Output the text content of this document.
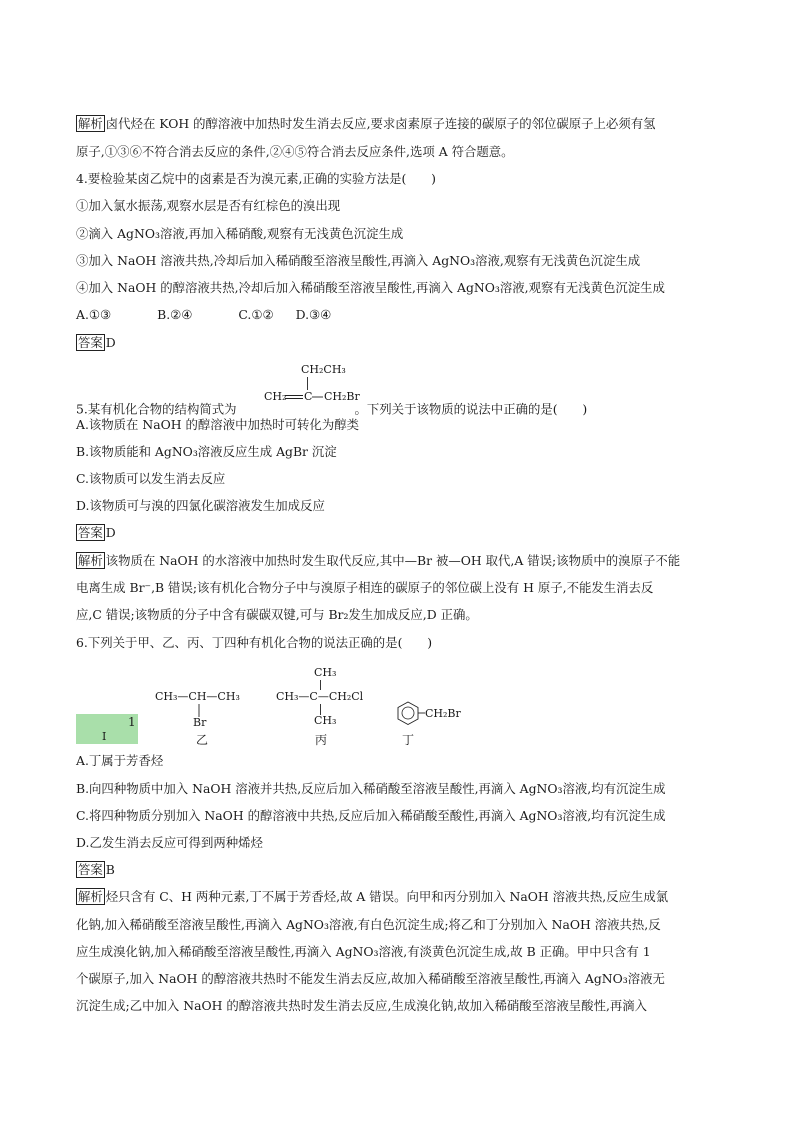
解析 卤代烃在 KOH 的醇溶液中加热时发生消去反应,要求卤素原子连接的碳原子的邻位碳原子上必须有氢
原子,①③⑥不符合消去反应的条件,②④⑤符合消去反应条件,选项 A 符合题意。
4.要检验某卤乙烷中的卤素是否为溴元素,正确的实验方法是(　　)
①加入氯水振荡,观察水层是否有红棕色的溴出现
②滴入 AgNO₃溶液,再加入稀硝酸,观察有无浅黄色沉淀生成
③加入 NaOH 溶液共热,冷却后加入稀硝酸至溶液呈酸性,再滴入 AgNO₃溶液,观察有无浅黄色沉淀生成
④加入 NaOH 的醇溶液共热,冷却后加入稀硝酸至溶液呈酸性,再滴入 AgNO₃溶液,观察有无浅黄色沉淀生成
A.①③	B.②④	C.①② D.③④
答案 D
5.某有机化合物的结构简式为	。下列关于该物质的说法中正确的是(　　)
CH₂CH₃
CH₂ C CH₂Br
A.该物质在 NaOH 的醇溶液中加热时可转化为醇类
B.该物质能和 AgNO₃溶液反应生成 AgBr 沉淀
C.该物质可以发生消去反应
D.该物质可与溴的四氯化碳溶液发生加成反应
答案 D
解析 该物质在 NaOH 的水溶液中加热时发生取代反应,其中—Br 被—OH 取代,A 错误;该物质中的溴原子不能
电离生成 Br⁻,B 错误;该有机化合物分子中与溴原子相连的碳原子的邻位碳上没有 H 原子,不能发生消去反
应,C 错误;该物质的分子中含有碳碳双键,可与 Br₂发生加成反应,D 正确。
6.下列关于甲、乙、丙、丁四种有机化合物的说法正确的是(　　)
1
I
CH₃—CH—CH₃
Br
乙
CH₃
CH₃—C—CH₂Cl
CH₃
丙
CH₂Br
丁
A.丁属于芳香烃
B.向四种物质中加入 NaOH 溶液并共热,反应后加入稀硝酸至溶液呈酸性,再滴入 AgNO₃溶液,均有沉淀生成
C.将四种物质分别加入 NaOH 的醇溶液中共热,反应后加入稀硝酸至酸性,再滴入 AgNO₃溶液,均有沉淀生成
D.乙发生消去反应可得到两种烯烃
答案 B
解析 烃只含有 C、H 两种元素,丁不属于芳香烃,故 A 错误。向甲和丙分别加入 NaOH 溶液共热,反应生成氯
化钠,加入稀硝酸至溶液呈酸性,再滴入 AgNO₃溶液,有白色沉淀生成;将乙和丁分别加入 NaOH 溶液共热,反
应生成溴化钠,加入稀硝酸至溶液呈酸性,再滴入 AgNO₃溶液,有淡黄色沉淀生成,故 B 正确。甲中只含有 1
个碳原子,加入 NaOH 的醇溶液共热时不能发生消去反应,故加入稀硝酸至溶液呈酸性,再滴入 AgNO₃溶液无
沉淀生成;乙中加入 NaOH 的醇溶液共热时发生消去反应,生成溴化钠,故加入稀硝酸至溶液呈酸性,再滴入
